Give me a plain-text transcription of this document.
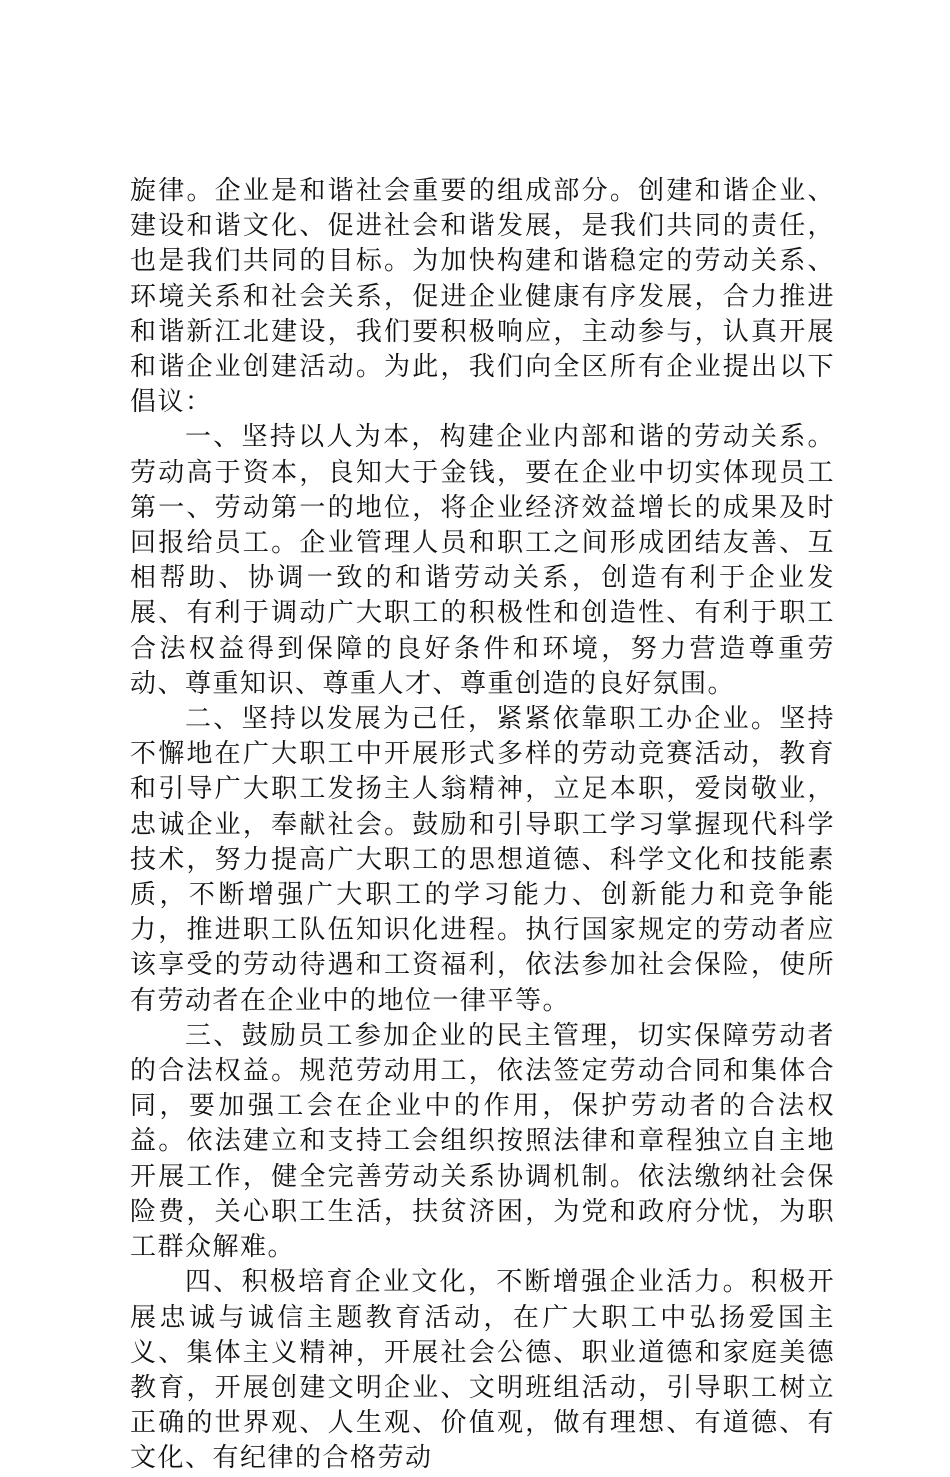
旋律。企业是和谐社会重要的组成部分。创建和谐企业、建设和谐文化、促进社会和谐发展，是我们共同的责任，也是我们共同的目标。为加快构建和谐稳定的劳动关系、环境关系和社会关系，促进企业健康有序发展，合力推进和谐新江北建设，我们要积极响应，主动参与，认真开展和谐企业创建活动。为此，我们向全区所有企业提出以下倡议：

一、坚持以人为本，构建企业内部和谐的劳动关系。劳动高于资本，良知大于金钱，要在企业中切实体现员工第一、劳动第一的地位，将企业经济效益增长的成果及时回报给员工。企业管理人员和职工之间形成团结友善、互相帮助、协调一致的和谐劳动关系，创造有利于企业发展、有利于调动广大职工的积极性和创造性、有利于职工合法权益得到保障的良好条件和环境，努力营造尊重劳动、尊重知识、尊重人才、尊重创造的良好氛围。

二、坚持以发展为己任，紧紧依靠职工办企业。坚持不懈地在广大职工中开展形式多样的劳动竞赛活动，教育和引导广大职工发扬主人翁精神，立足本职，爱岗敬业，忠诚企业，奉献社会。鼓励和引导职工学习掌握现代科学技术，努力提高广大职工的思想道德、科学文化和技能素质，不断增强广大职工的学习能力、创新能力和竞争能力，推进职工队伍知识化进程。执行国家规定的劳动者应该享受的劳动待遇和工资福利，依法参加社会保险，使所有劳动者在企业中的地位一律平等。

三、鼓励员工参加企业的民主管理，切实保障劳动者的合法权益。规范劳动用工，依法签定劳动合同和集体合同，要加强工会在企业中的作用，保护劳动者的合法权益。依法建立和支持工会组织按照法律和章程独立自主地开展工作，健全完善劳动关系协调机制。依法缴纳社会保险费，关心职工生活，扶贫济困，为党和政府分忧，为职工群众解难。

四、积极培育企业文化，不断增强企业活力。积极开展忠诚与诚信主题教育活动，在广大职工中弘扬爱国主义、集体主义精神，开展社会公德、职业道德和家庭美德教育，开展创建文明企业、文明班组活动，引导职工树立正确的世界观、人生观、价值观，做有理想、有道德、有文化、有纪律的合格劳动
